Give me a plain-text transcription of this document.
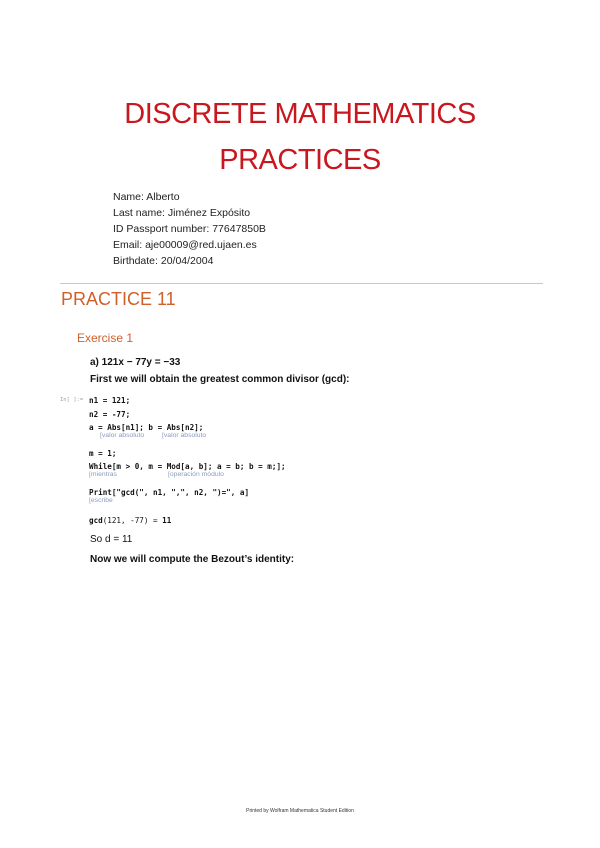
DISCRETE MATHEMATICS
PRACTICES
Name: Alberto
Last name: Jiménez Expósito
ID Passport number: 77647850B
Email: aje00009@red.ujaen.es
Birthdate: 20/04/2004
PRACTICE 11
Exercise 1
a) 121x − 77y = −33
First we will obtain the greatest common divisor (gcd):
In[ ]:= n1 = 121;
n2 = -77;
a = Abs[n1]; b = Abs[n2];
[valor absoluto	[valor absoluto
m = 1;
While[m > 0, m = Mod[a, b]; a = b; b = m;];
[mientras	[operación módulo
Print["gcd(", n1, ",", n2, ")=", a]
[escribe
gcd(121, -77) = 11
So d = 11
Now we will compute the Bezout’s identity:
Printed by Wolfram Mathematica Student Edition
